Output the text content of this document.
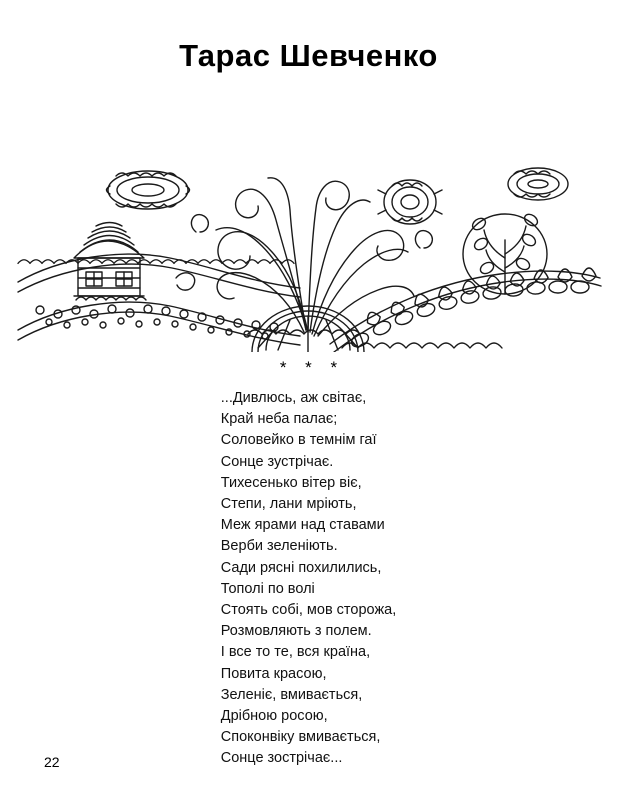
Тарас Шевченко
* * *
...Дивлюсь, аж світає,
Край неба палає;
Соловейко в темнім гаї
Сонце зустрічає.
Тихесенько вітер віє,
Степи, лани мріють,
Меж ярами над ставами
Верби зеленіють.
Сади рясні похилились,
Тополі по волі
Стоять собі, мов сторожа,
Розмовляють з полем.
І все то те, вся країна,
Повита красою,
Зеленіє, вмивається,
Дрібною росою,
Споконвіку вмивається,
Сонце зострічає...
22
